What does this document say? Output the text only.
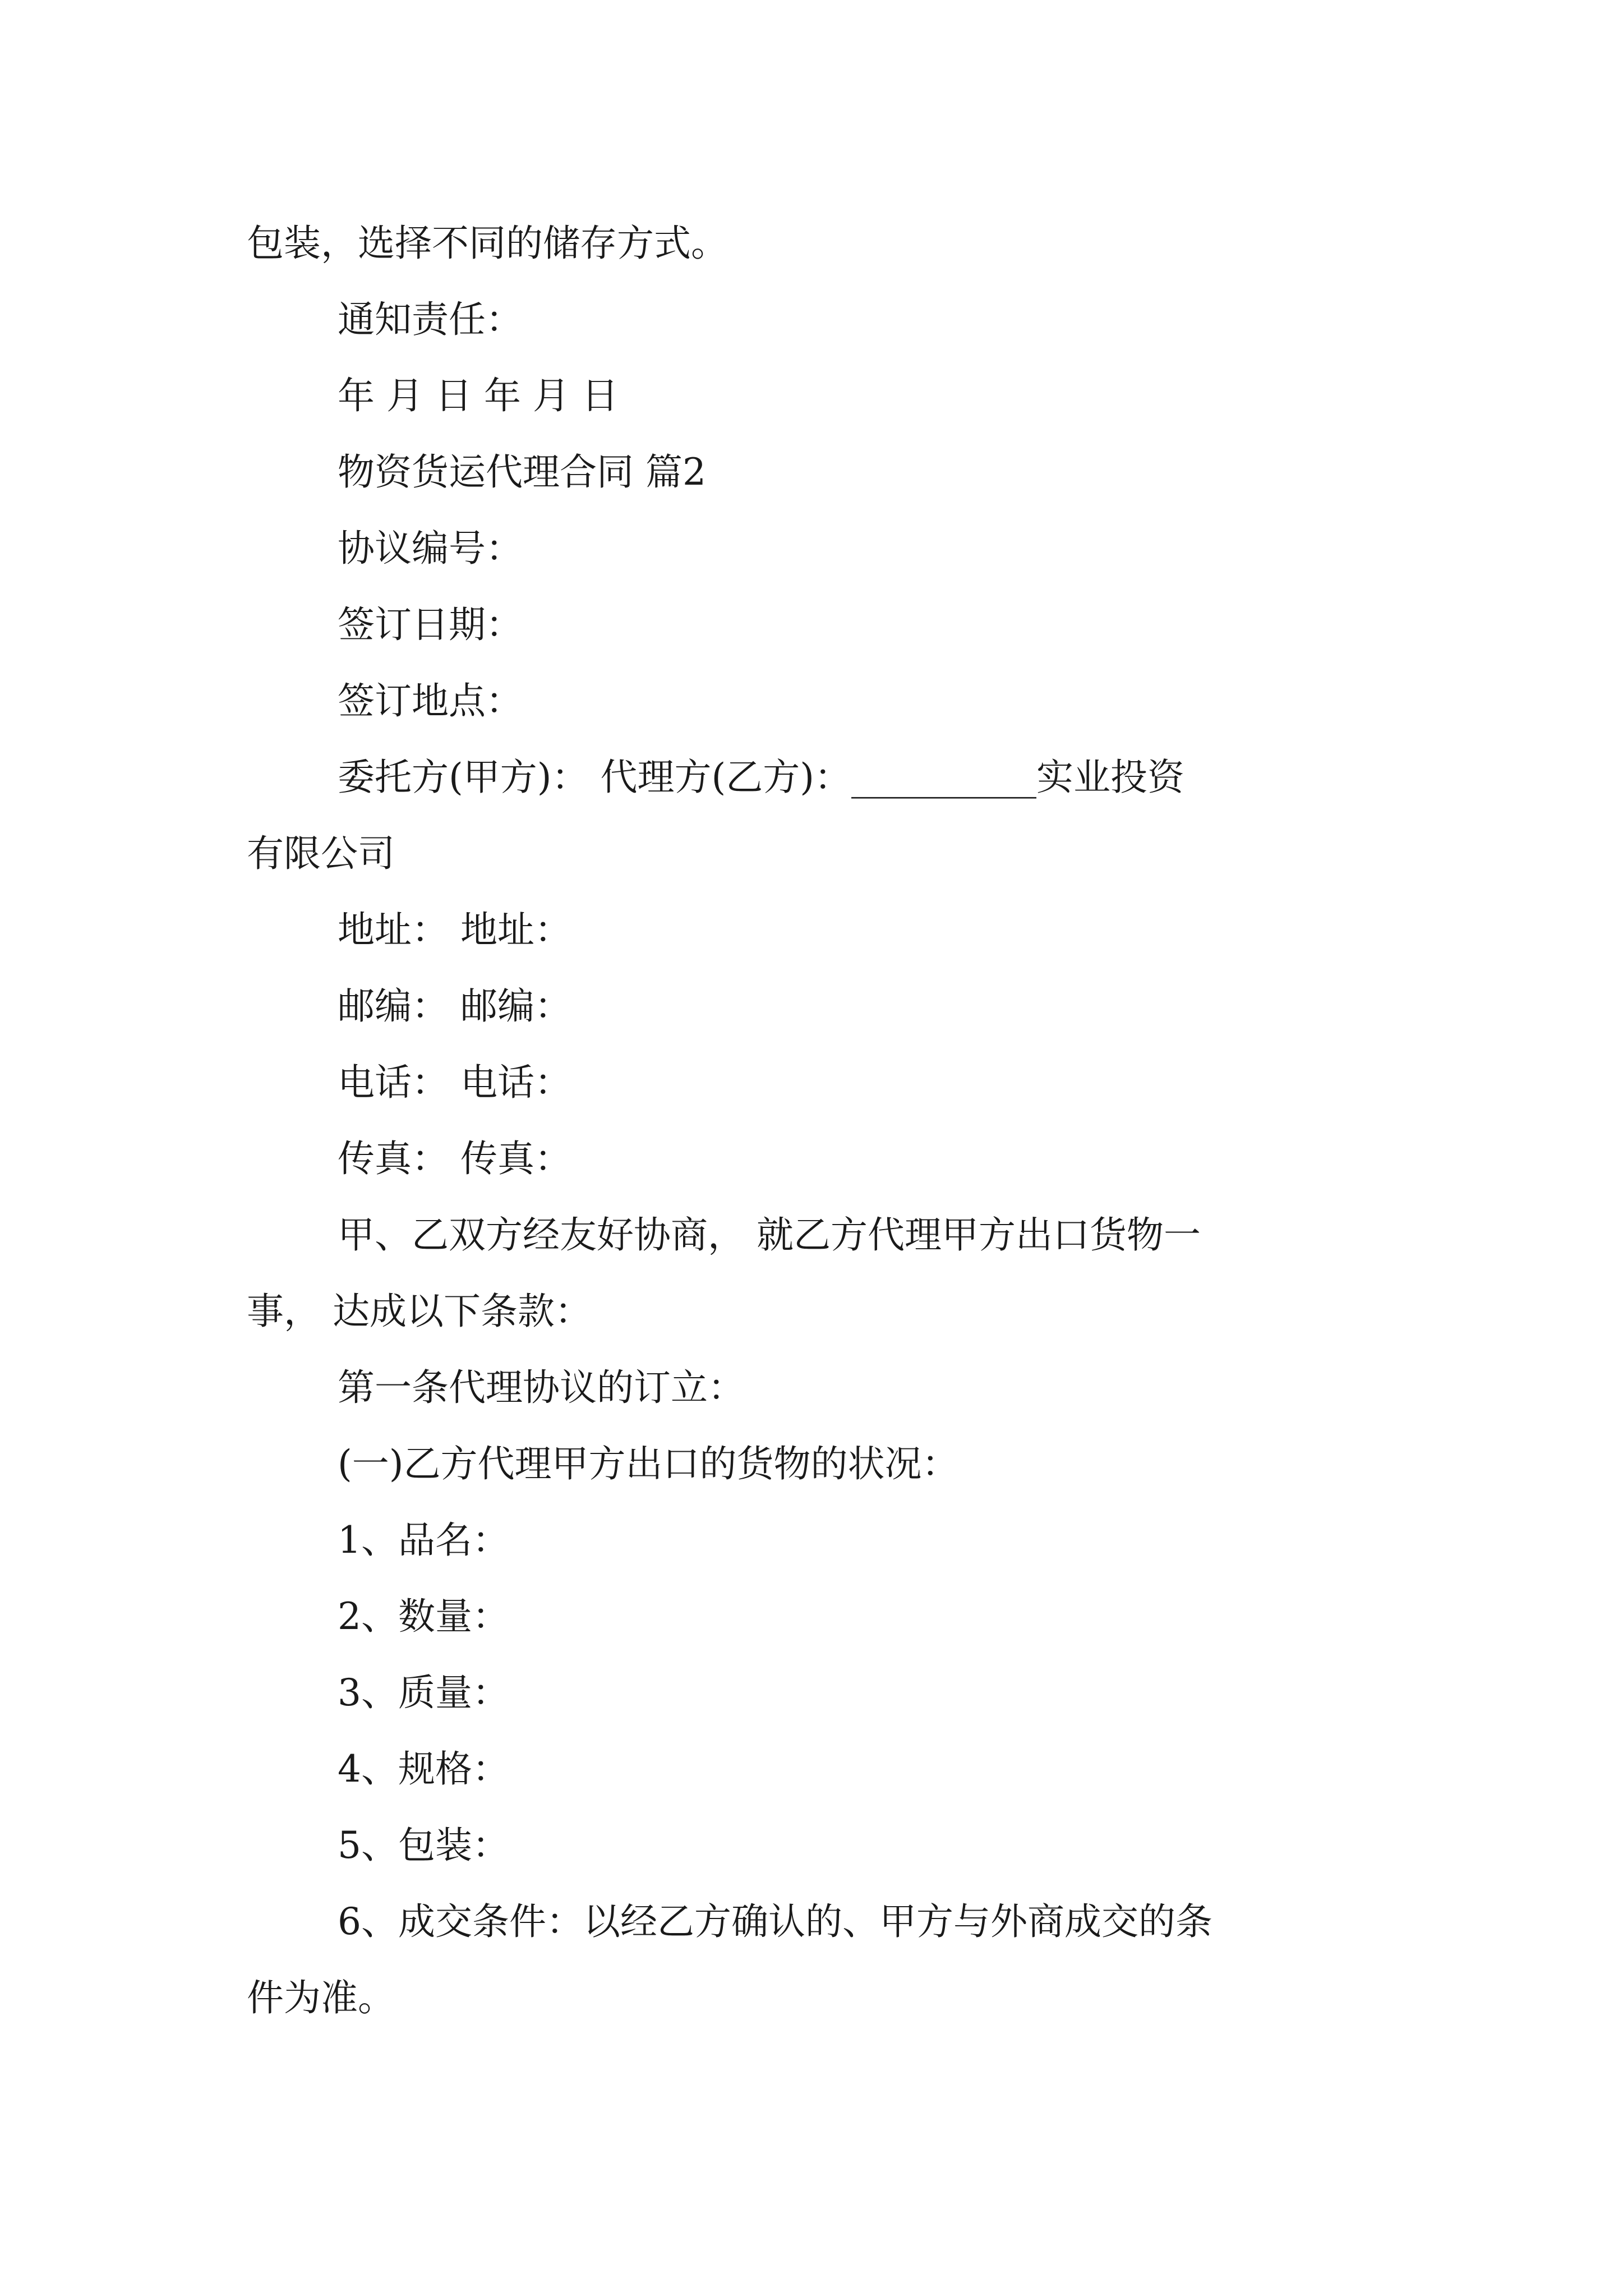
包装，选择不同的储存方式。

通知责任：

年 月 日 年 月 日

物资货运代理合同 篇2

协议编号：

签订日期：

签订地点：

委托方(甲方)： 代理方(乙方)：__________实业投资

有限公司

地址： 地址：

邮编： 邮编：

电话： 电话：

传真： 传真：

甲、乙双方经友好协商， 就乙方代理甲方出口货物一

事， 达成以下条款：

第一条代理协议的订立：

(一)乙方代理甲方出口的货物的状况：

1、品名：

2、数量：

3、质量：

4、规格：

5、包装：

6、成交条件：以经乙方确认的、甲方与外商成交的条

件为准。
